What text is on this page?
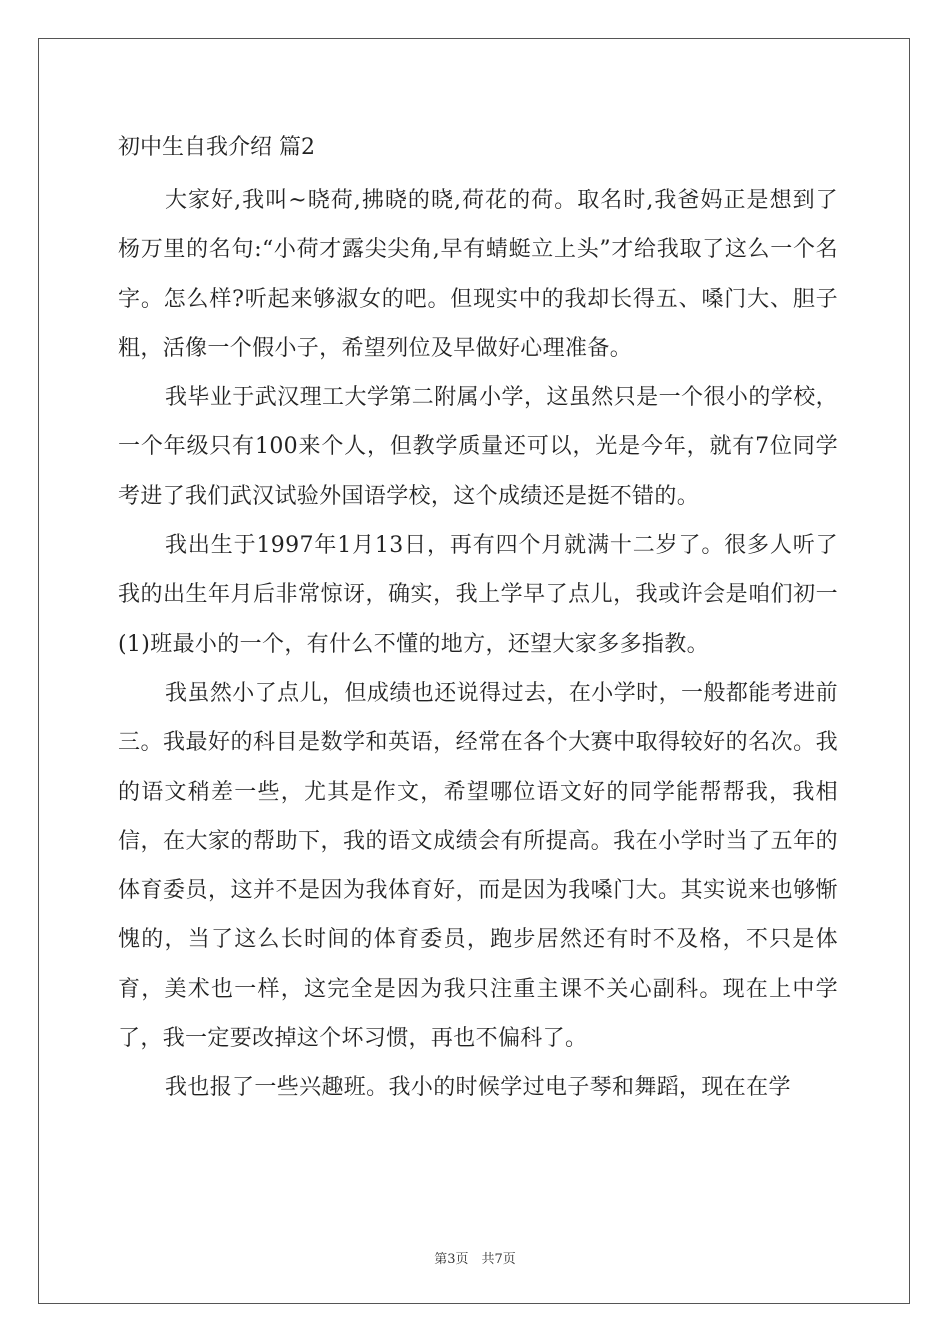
初中生自我介绍 篇2

大家好,我叫~晓荷,拂晓的晓,荷花的荷。取名时,我爸妈正是想到了杨万里的名句:“小荷才露尖尖角,早有蜻蜓立上头”才给我取了这么一个名字。怎么样?听起来够淑女的吧。但现实中的我却长得五、嗓门大、胆子粗，活像一个假小子，希望列位及早做好心理准备。

我毕业于武汉理工大学第二附属小学，这虽然只是一个很小的学校，一个年级只有100来个人，但教学质量还可以，光是今年，就有7位同学考进了我们武汉试验外国语学校，这个成绩还是挺不错的。

我出生于1997年1月13日，再有四个月就满十二岁了。很多人听了我的出生年月后非常惊讶，确实，我上学早了点儿，我或许会是咱们初一(1)班最小的一个，有什么不懂的地方，还望大家多多指教。

我虽然小了点儿，但成绩也还说得过去，在小学时，一般都能考进前三。我最好的科目是数学和英语，经常在各个大赛中取得较好的名次。我的语文稍差一些，尤其是作文，希望哪位语文好的同学能帮帮我，我相信，在大家的帮助下，我的语文成绩会有所提高。我在小学时当了五年的体育委员，这并不是因为我体育好，而是因为我嗓门大。其实说来也够惭愧的，当了这么长时间的体育委员，跑步居然还有时不及格，不只是体育，美术也一样，这完全是因为我只注重主课不关心副科。现在上中学了，我一定要改掉这个坏习惯，再也不偏科了。

我也报了一些兴趣班。我小的时候学过电子琴和舞蹈，现在在学

第3页　共7页
